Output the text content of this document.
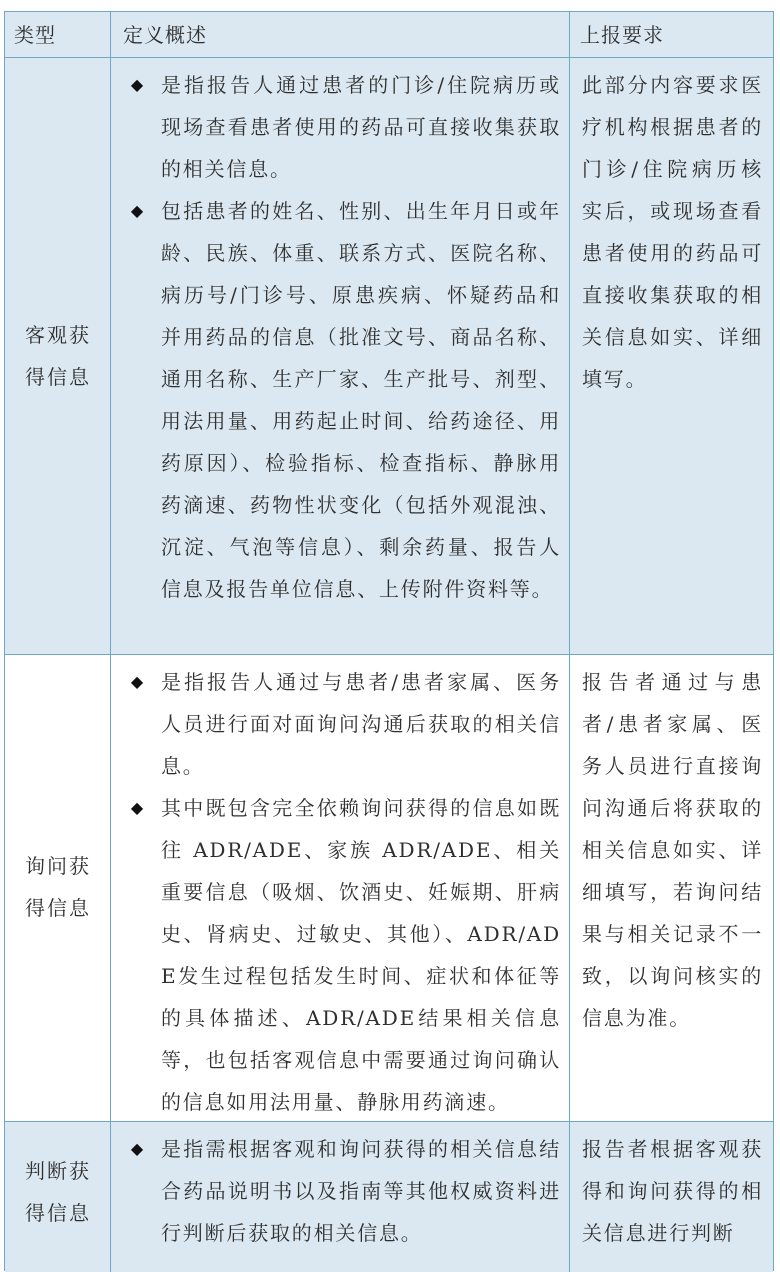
类型	定义概述	上报要求
客观获
得信息
◆ 是指报告人通过患者的门诊/住院病历或现场查看患者使用的药品可直接收集获取的相关信息。
◆ 包括患者的姓名、性别、出生年月日或年龄、民族、体重、联系方式、医院名称、病历号/门诊号、原患疾病、怀疑药品和并用药品的信息（批准文号、商品名称、通用名称、生产厂家、生产批号、剂型、用法用量、用药起止时间、给药途径、用药原因）、检验指标、检查指标、静脉用药滴速、药物性状变化（包括外观混浊、沉淀、气泡等信息）、剩余药量、报告人信息及报告单位信息、上传附件资料等。
此部分内容要求医疗机构根据患者的门诊/住院病历核实后，或现场查看患者使用的药品可直接收集获取的相关信息如实、详细填写。
询问获
得信息
◆ 是指报告人通过与患者/患者家属、医务人员进行面对面询问沟通后获取的相关信息。
◆ 其中既包含完全依赖询问获得的信息如既往 ADR/ADE、家族 ADR/ADE、相关重要信息（吸烟、饮酒史、妊娠期、肝病史、肾病史、过敏史、其他）、ADR/ADE发生过程包括发生时间、症状和体征等的具体描述、ADR/ADE结果相关信息等，也包括客观信息中需要通过询问确认的信息如用法用量、静脉用药滴速。
报告者通过与患者/患者家属、医务人员进行直接询问沟通后将获取的相关信息如实、详细填写，若询问结果与相关记录不一致，以询问核实的信息为准。
判断获
得信息
◆ 是指需根据客观和询问获得的相关信息结合药品说明书以及指南等其他权威资料进行判断后获取的相关信息。
报告者根据客观获得和询问获得的相关信息进行判断
